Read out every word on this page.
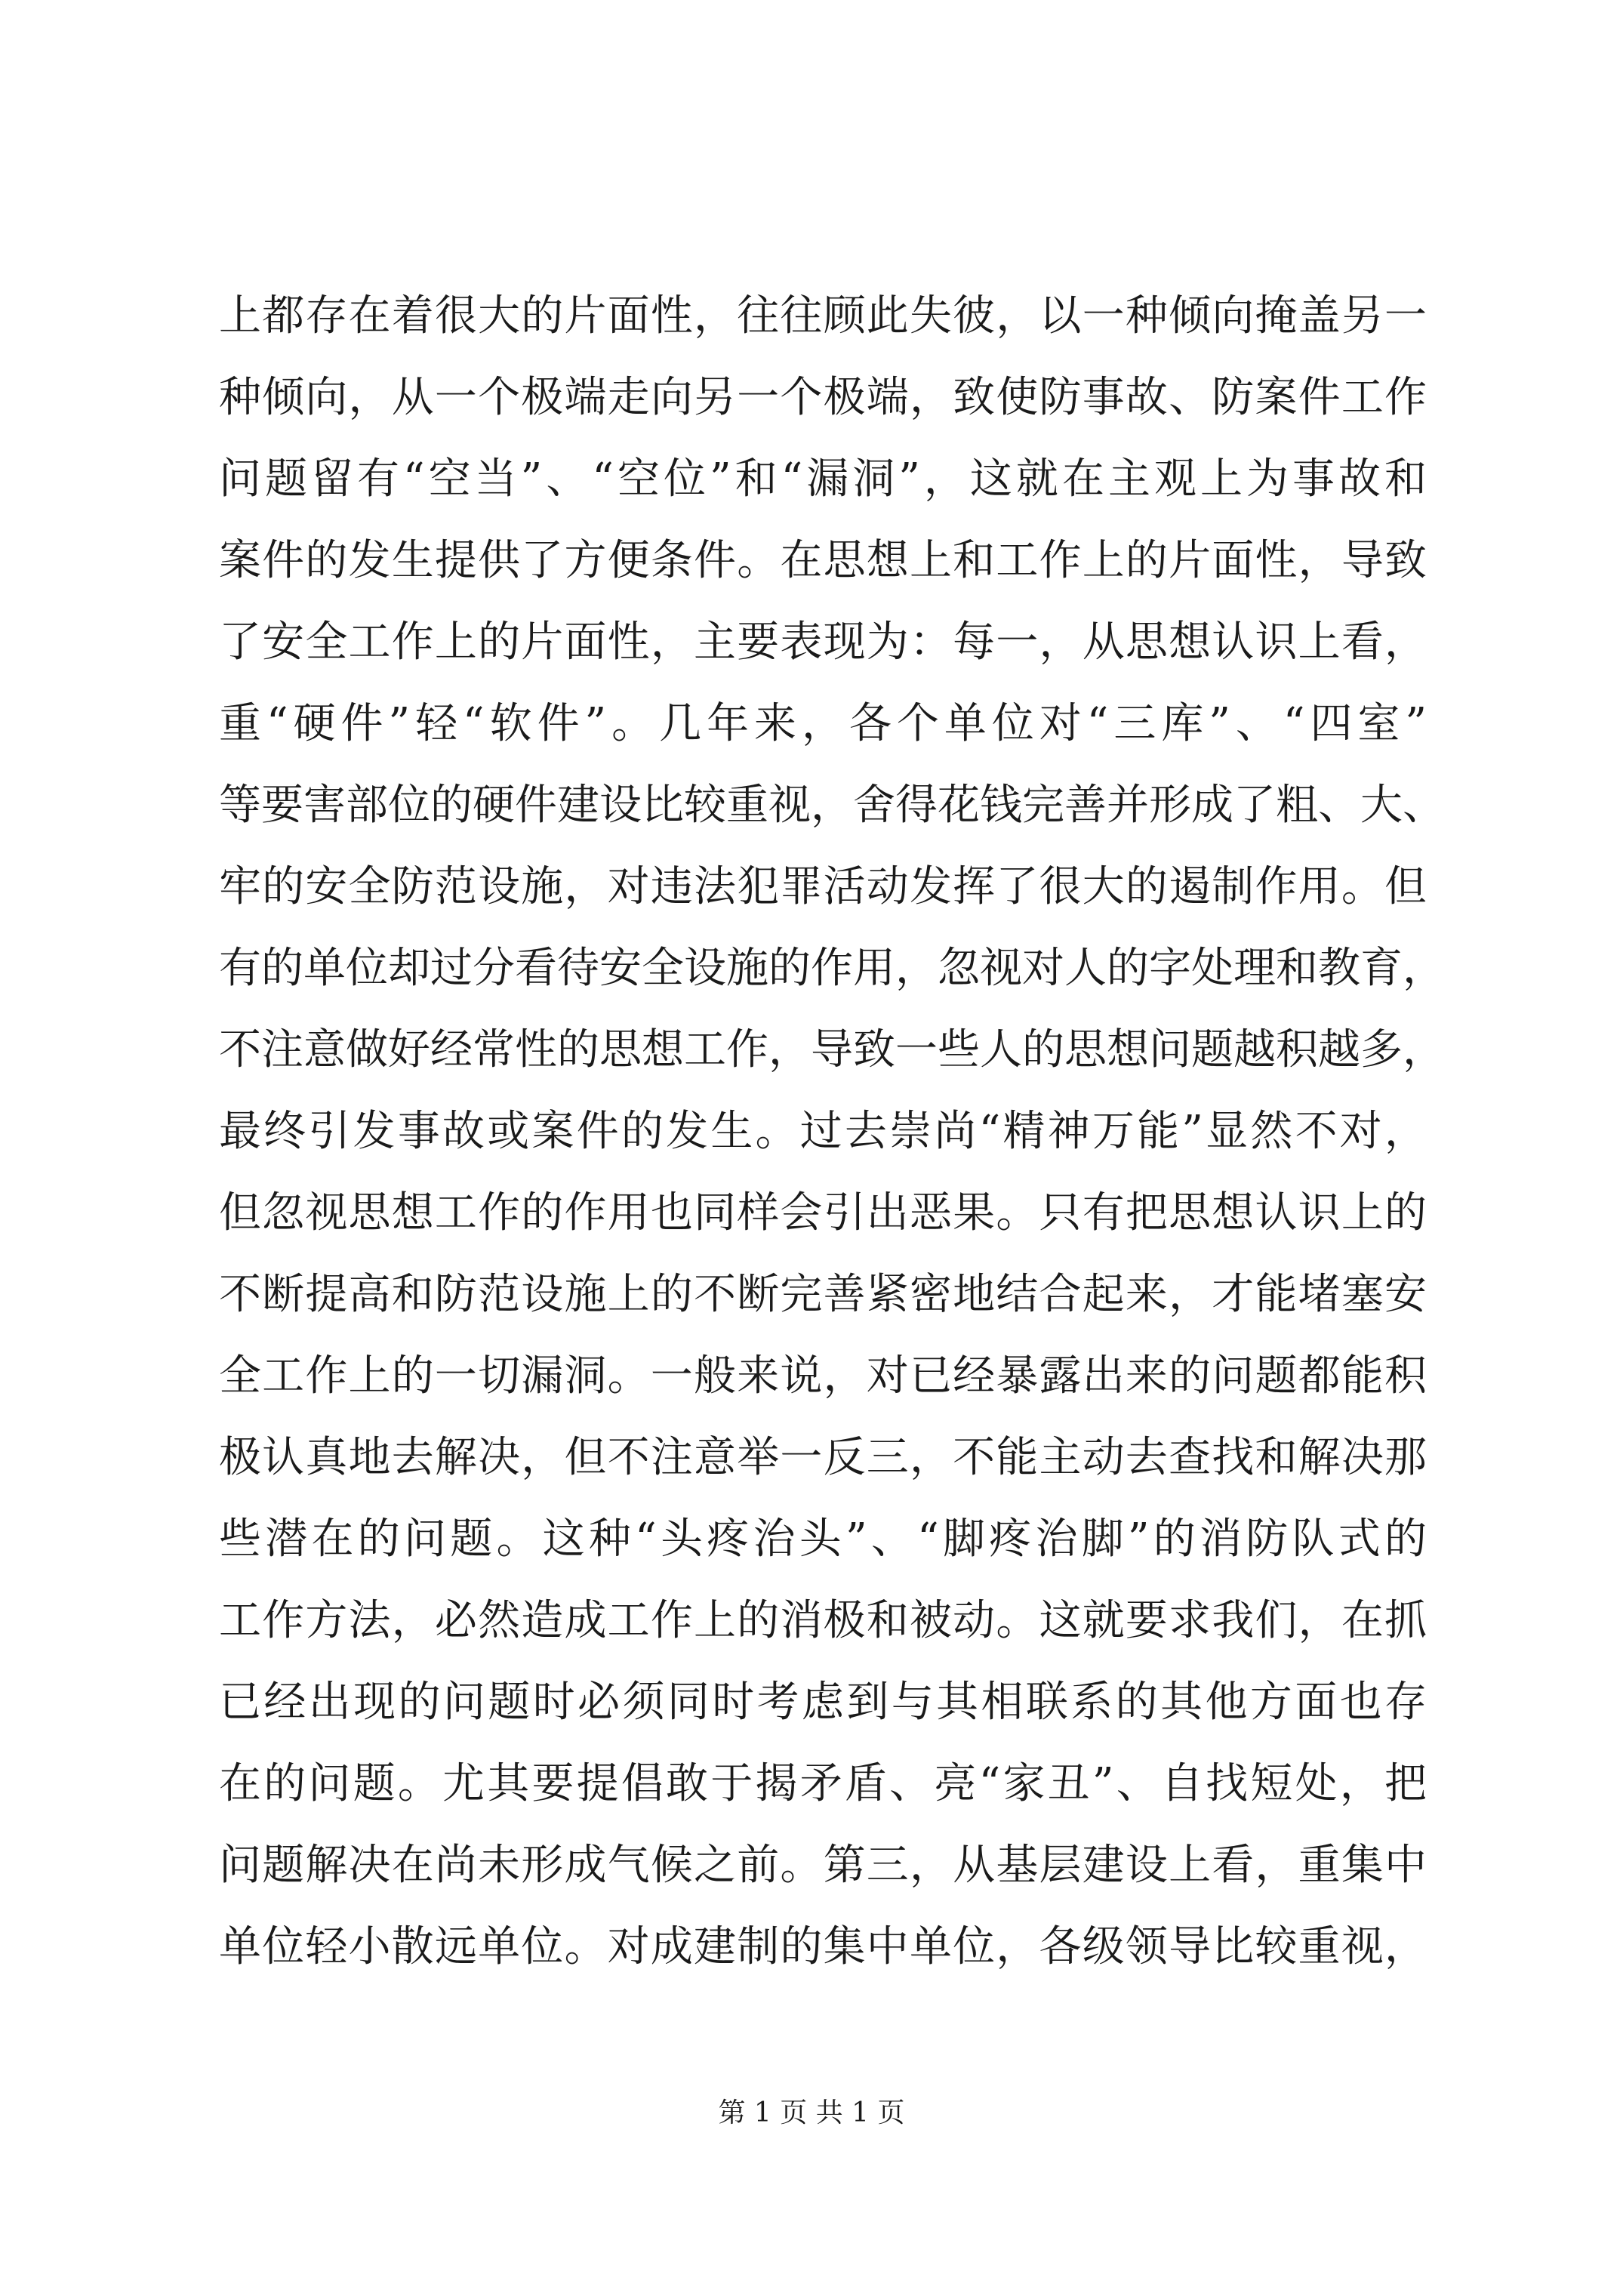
上都存在着很大的片面性，往往顾此失彼，以一种倾向掩盖另一
种倾向，从一个极端走向另一个极端，致使防事故、防案件工作
问题留有“空当”、“空位”和“漏洞”，这就在主观上为事故和
案件的发生提供了方便条件。在思想上和工作上的片面性，导致
了安全工作上的片面性，主要表现为：每一，从思想认识上看，
重“硬件”轻“软件”。几年来，各个单位对“三库”、“四室”
等要害部位的硬件建设比较重视，舍得花钱完善并形成了粗、大、
牢的安全防范设施，对违法犯罪活动发挥了很大的遏制作用。但
有的单位却过分看待安全设施的作用，忽视对人的字处理和教育，
不注意做好经常性的思想工作，导致一些人的思想问题越积越多，
最终引发事故或案件的发生。过去崇尚“精神万能”显然不对，
但忽视思想工作的作用也同样会引出恶果。只有把思想认识上的
不断提高和防范设施上的不断完善紧密地结合起来，才能堵塞安
全工作上的一切漏洞。一般来说，对已经暴露出来的问题都能积
极认真地去解决，但不注意举一反三，不能主动去查找和解决那
些潜在的问题。这种“头疼治头”、“脚疼治脚”的消防队式的
工作方法，必然造成工作上的消极和被动。这就要求我们，在抓
已经出现的问题时必须同时考虑到与其相联系的其他方面也存
在的问题。尤其要提倡敢于揭矛盾、亮“家丑”、自找短处，把
问题解决在尚未形成气候之前。第三，从基层建设上看，重集中
单位轻小散远单位。对成建制的集中单位，各级领导比较重视，
第 1 页 共 1 页
